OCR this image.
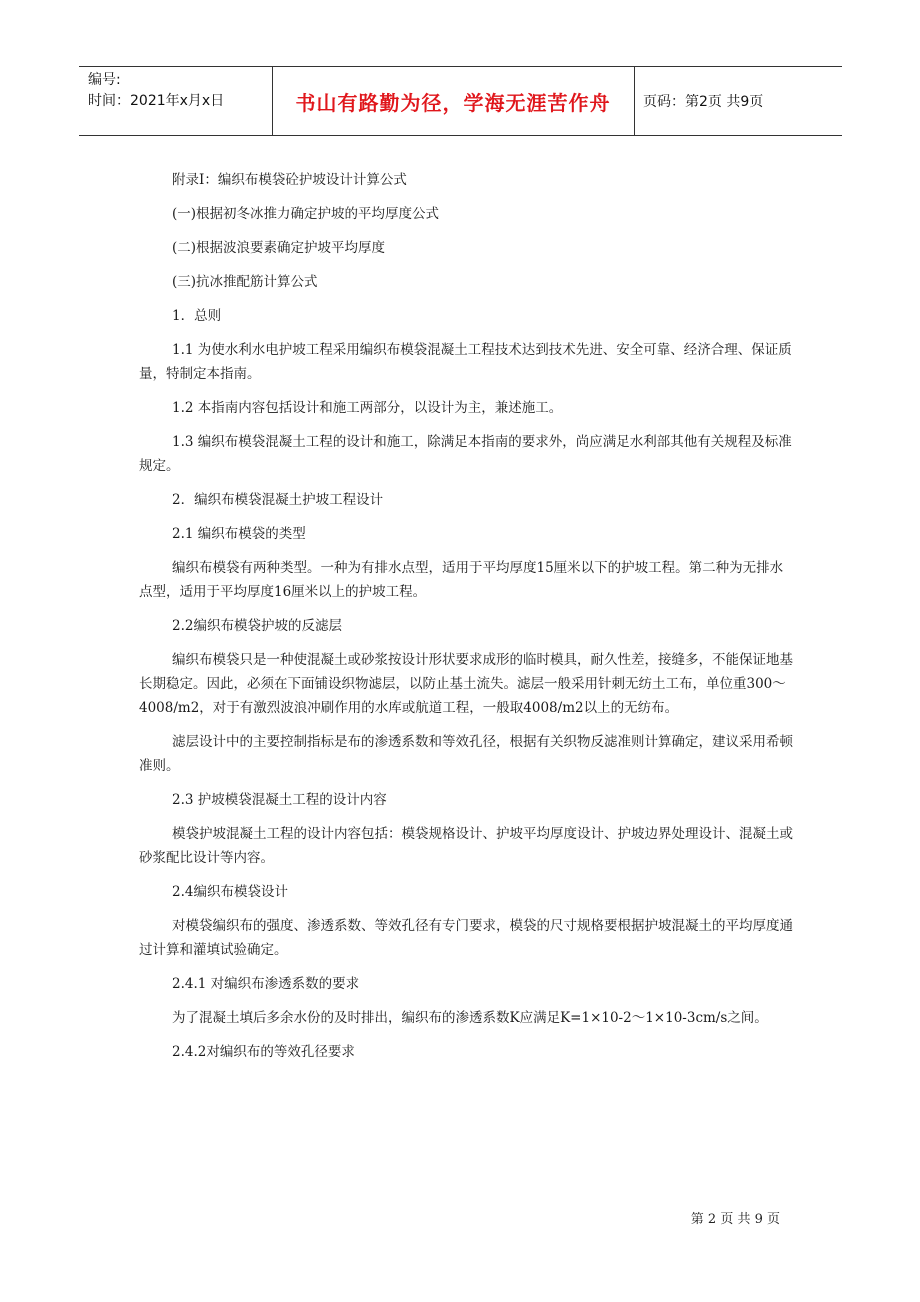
编号:
时间：2021年x月x日	书山有路勤为径，学海无涯苦作舟	页码：第2页 共9页

附录Ⅰ：编织布模袋砼护坡设计计算公式

(一)根据初冬冰推力确定护坡的平均厚度公式

(二)根据波浪要素确定护坡平均厚度

(三)抗冰推配筋计算公式

1．总则

1.1 为使水利水电护坡工程采用编织布模袋混凝土工程技术达到技术先进、安全可靠、经济合理、保证质量，特制定本指南。

1.2 本指南内容包括设计和施工两部分，以设计为主，兼述施工。

1.3 编织布模袋混凝土工程的设计和施工，除满足本指南的要求外，尚应满足水利部其他有关规程及标准规定。

2．编织布模袋混凝土护坡工程设计

2.1 编织布模袋的类型

编织布模袋有两种类型。一种为有排水点型，适用于平均厚度15厘米以下的护坡工程。第二种为无排水点型，适用于平均厚度16厘米以上的护坡工程。

2.2编织布模袋护坡的反滤层

编织布模袋只是一种使混凝土或砂浆按设计形状要求成形的临时模具，耐久性差，接缝多，不能保证地基长期稳定。因此，必须在下面铺设织物滤层，以防止基土流失。滤层一般采用针刺无纺土工布，单位重300～4008/m2，对于有激烈波浪冲刷作用的水库或航道工程，一般取4008/m2以上的无纺布。

滤层设计中的主要控制指标是布的渗透系数和等效孔径，根据有关织物反滤准则计算确定，建议采用希顿准则。

2.3 护坡模袋混凝土工程的设计内容

模袋护坡混凝土工程的设计内容包括：模袋规格设计、护坡平均厚度设计、护坡边界处理设计、混凝土或砂浆配比设计等内容。

2.4编织布模袋设计

对模袋编织布的强度、渗透系数、等效孔径有专门要求，模袋的尺寸规格要根据护坡混凝土的平均厚度通过计算和灌填试验确定。

2.4.1 对编织布渗透系数的要求

为了混凝土填后多余水份的及时排出，编织布的渗透系数K应满足K=1×10-2～1×10-3cm/s之间。

2.4.2对编织布的等效孔径要求

第 2 页 共 9 页
